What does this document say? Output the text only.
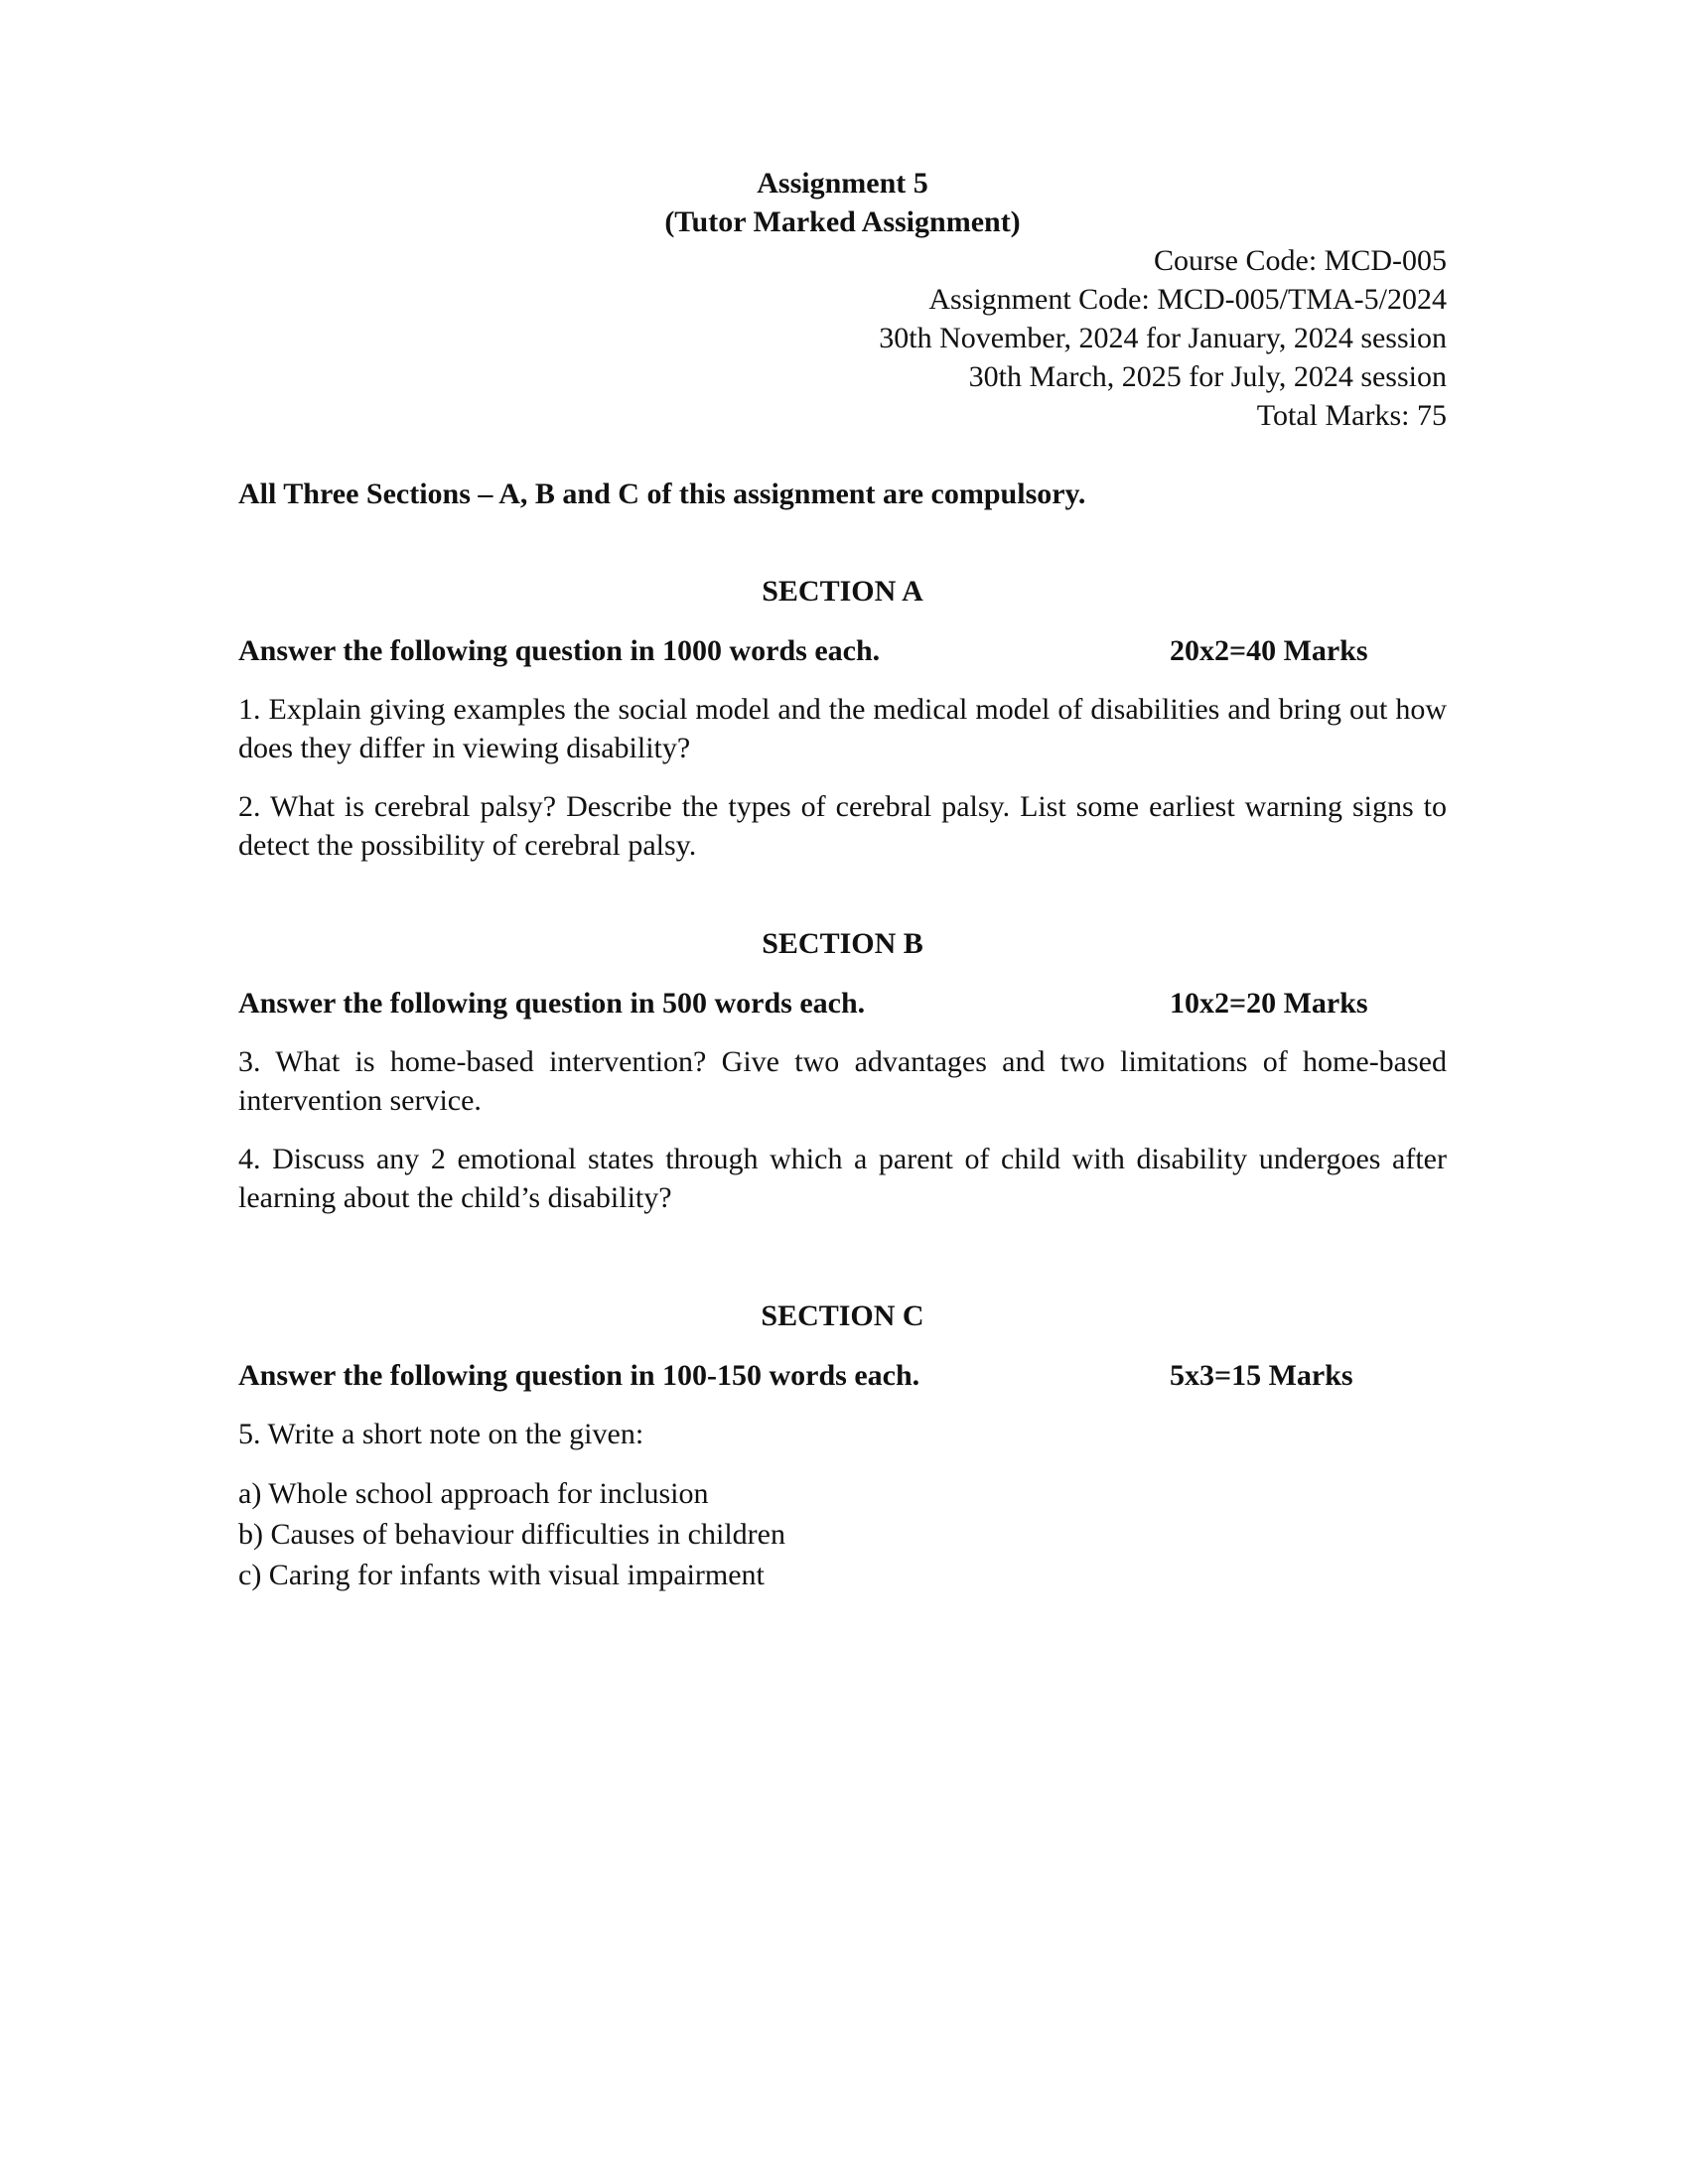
Assignment 5
(Tutor Marked Assignment)
Course Code: MCD-005
Assignment Code: MCD-005/TMA-5/2024
30th November, 2024 for January, 2024 session
30th March, 2025 for July, 2024 session
Total Marks: 75
All Three Sections – A, B and C of this assignment are compulsory.
SECTION A
Answer the following question in 1000 words each.	20x2=40 Marks
1. Explain giving examples the social model and the medical model of disabilities and bring out how does they differ in viewing disability?
2. What is cerebral palsy? Describe the types of cerebral palsy. List some earliest warning signs to detect the possibility of cerebral palsy.
SECTION B
Answer the following question in 500 words each.	10x2=20 Marks
3. What is home-based intervention? Give two advantages and two limitations of home-based intervention service.
4. Discuss any 2 emotional states through which a parent of child with disability undergoes after learning about the child’s disability?
SECTION C
Answer the following question in 100-150 words each.	5x3=15 Marks
5. Write a short note on the given:
a) Whole school approach for inclusion
b) Causes of behaviour difficulties in children
c) Caring for infants with visual impairment
